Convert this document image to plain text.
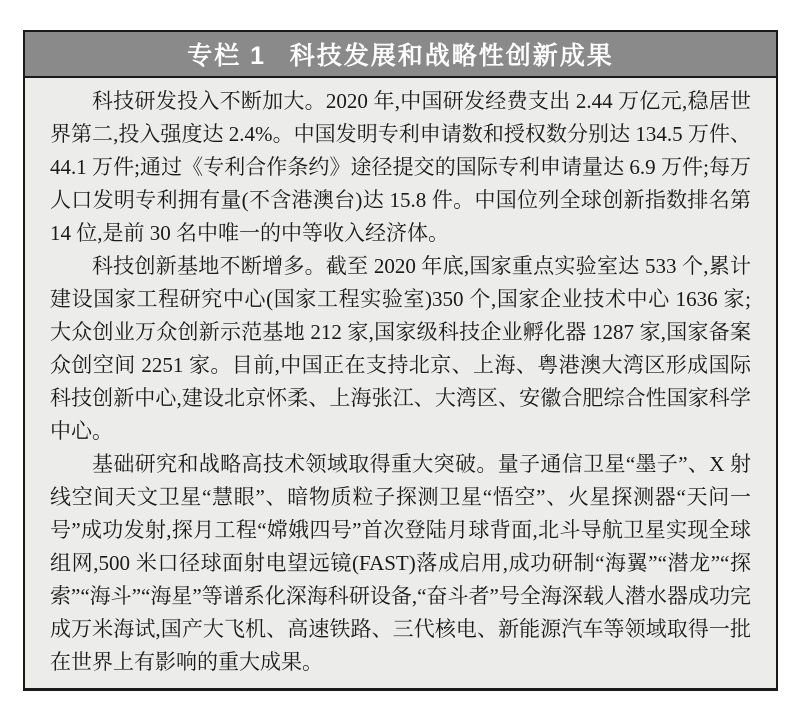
专栏 1 科技发展和战略性创新成果

科技研发投入不断加大。2020 年,中国研发经费支出 2.44 万亿元,稳居世界第二,投入强度达 2.4%。中国发明专利申请数和授权数分别达 134.5 万件、44.1 万件;通过《专利合作条约》途径提交的国际专利申请量达 6.9 万件;每万人口发明专利拥有量(不含港澳台)达 15.8 件。中国位列全球创新指数排名第 14 位,是前 30 名中唯一的中等收入经济体。

科技创新基地不断增多。截至 2020 年底,国家重点实验室达 533 个,累计建设国家工程研究中心(国家工程实验室)350 个,国家企业技术中心 1636 家;大众创业万众创新示范基地 212 家,国家级科技企业孵化器 1287 家,国家备案众创空间 2251 家。目前,中国正在支持北京、上海、粤港澳大湾区形成国际科技创新中心,建设北京怀柔、上海张江、大湾区、安徽合肥综合性国家科学中心。

基础研究和战略高技术领域取得重大突破。量子通信卫星“墨子”、X 射线空间天文卫星“慧眼”、暗物质粒子探测卫星“悟空”、火星探测器“天问一号”成功发射,探月工程“嫦娥四号”首次登陆月球背面,北斗导航卫星实现全球组网,500 米口径球面射电望远镜(FAST)落成启用,成功研制“海翼”“潜龙”“探索”“海斗”“海星”等谱系化深海科研设备,“奋斗者”号全海深载人潜水器成功完成万米海试,国产大飞机、高速铁路、三代核电、新能源汽车等领域取得一批在世界上有影响的重大成果。
